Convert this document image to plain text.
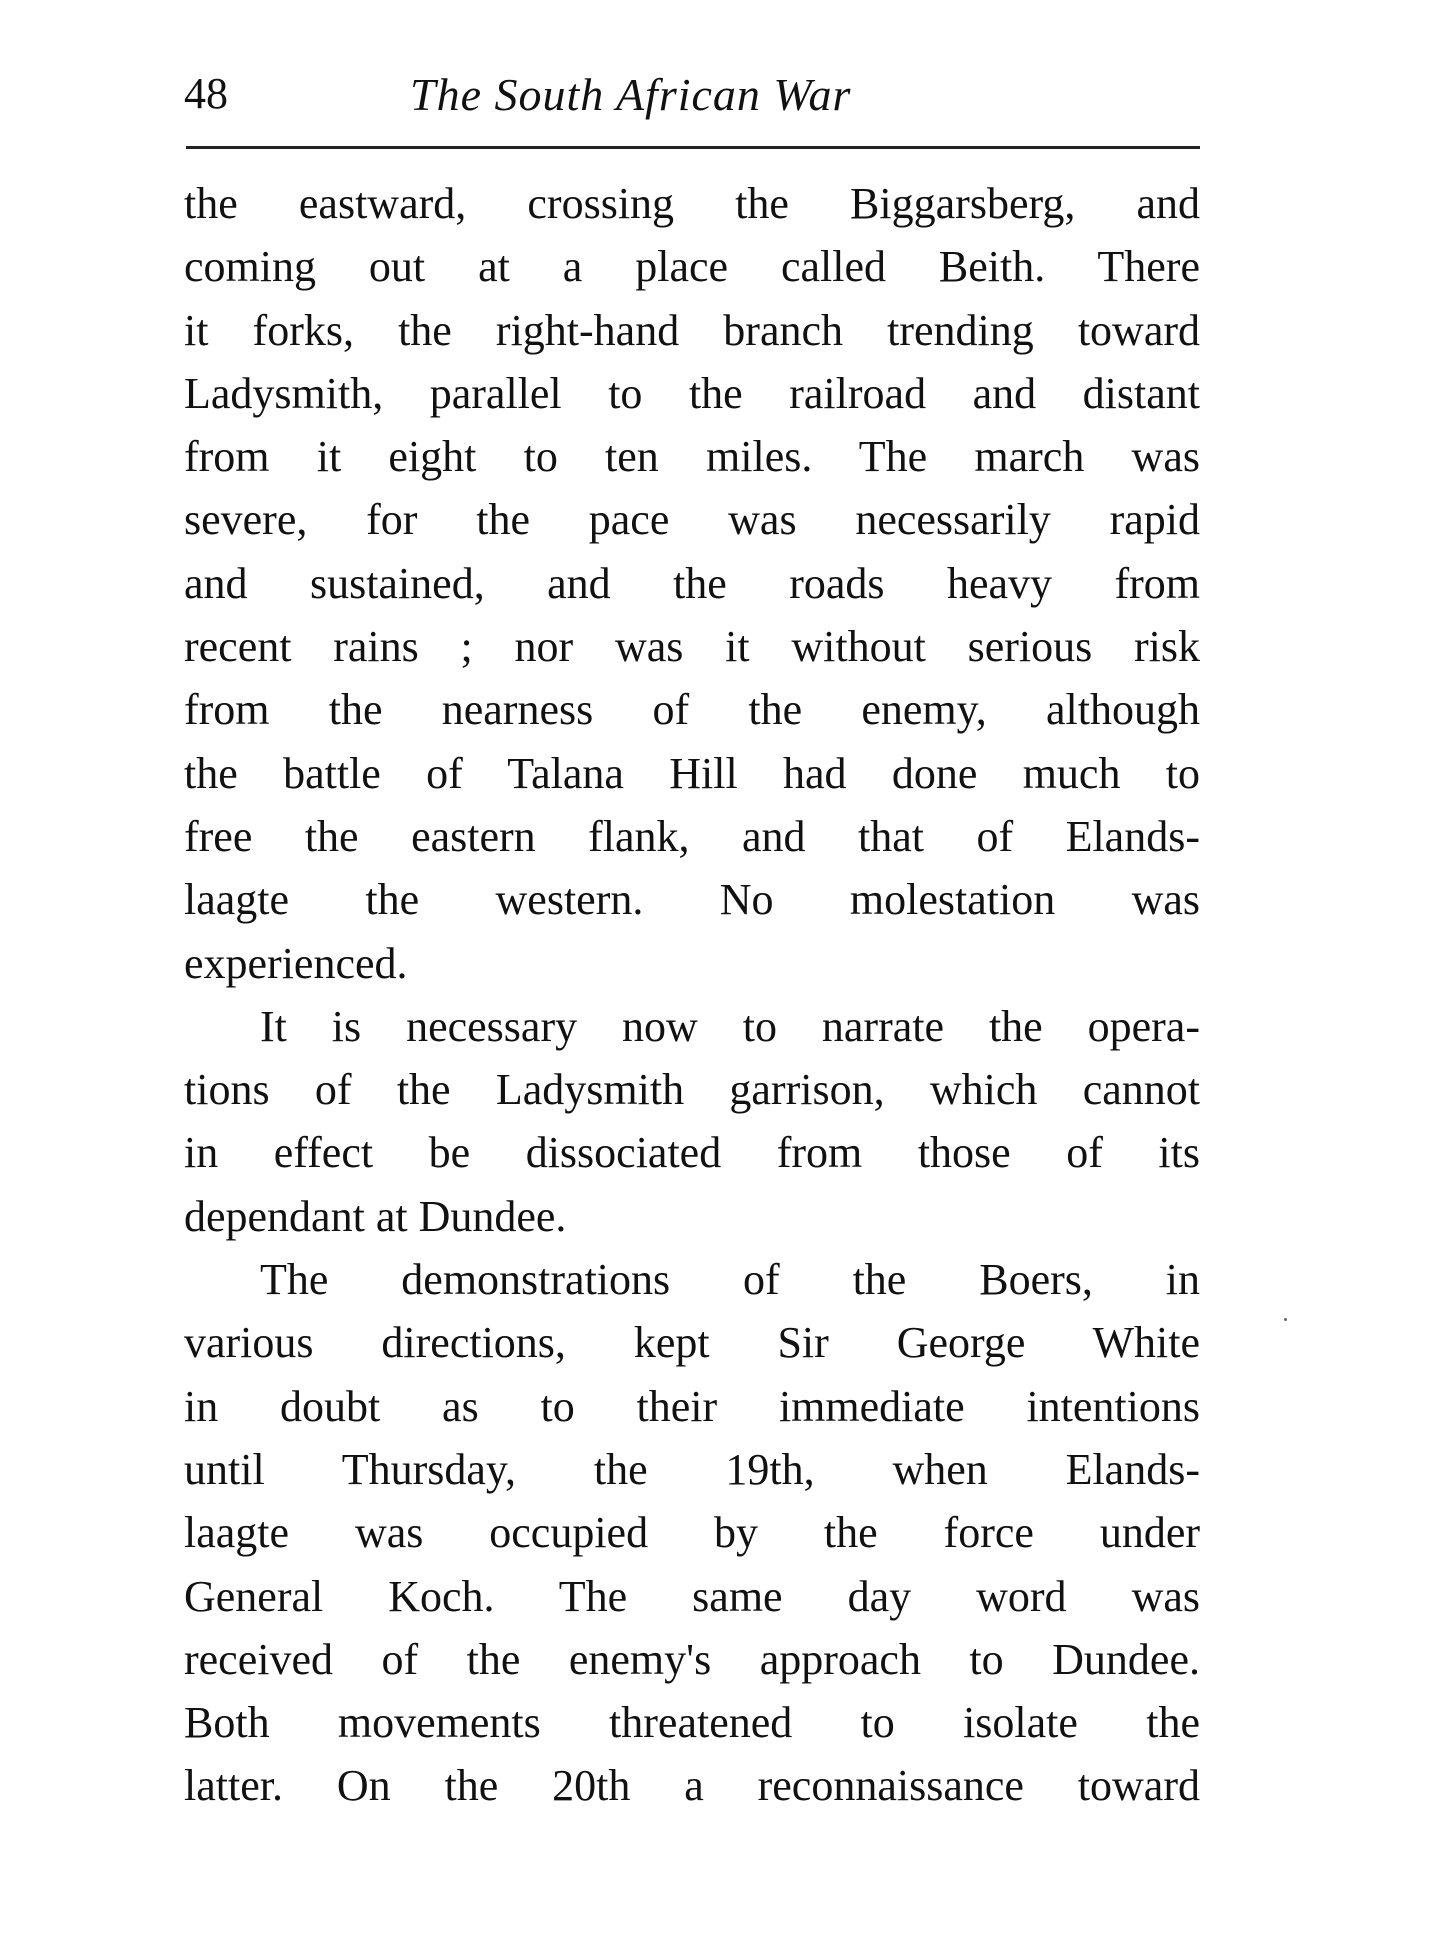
48	The South African War
the eastward, crossing the Biggarsberg, and
coming out at a place called Beith. There
it forks, the right-hand branch trending toward
Ladysmith, parallel to the railroad and distant
from it eight to ten miles. The march was
severe, for the pace was necessarily rapid
and sustained, and the roads heavy from
recent rains ; nor was it without serious risk
from the nearness of the enemy, although
the battle of Talana Hill had done much to
free the eastern flank, and that of Elands-
laagte the western. No molestation was
experienced.
It is necessary now to narrate the opera-
tions of the Ladysmith garrison, which cannot
in effect be dissociated from those of its
dependant at Dundee.
The demonstrations of the Boers, in
various directions, kept Sir George White
in doubt as to their immediate intentions
until Thursday, the 19th, when Elands-
laagte was occupied by the force under
General Koch. The same day word was
received of the enemy's approach to Dundee.
Both movements threatened to isolate the
latter. On the 20th a reconnaissance toward
